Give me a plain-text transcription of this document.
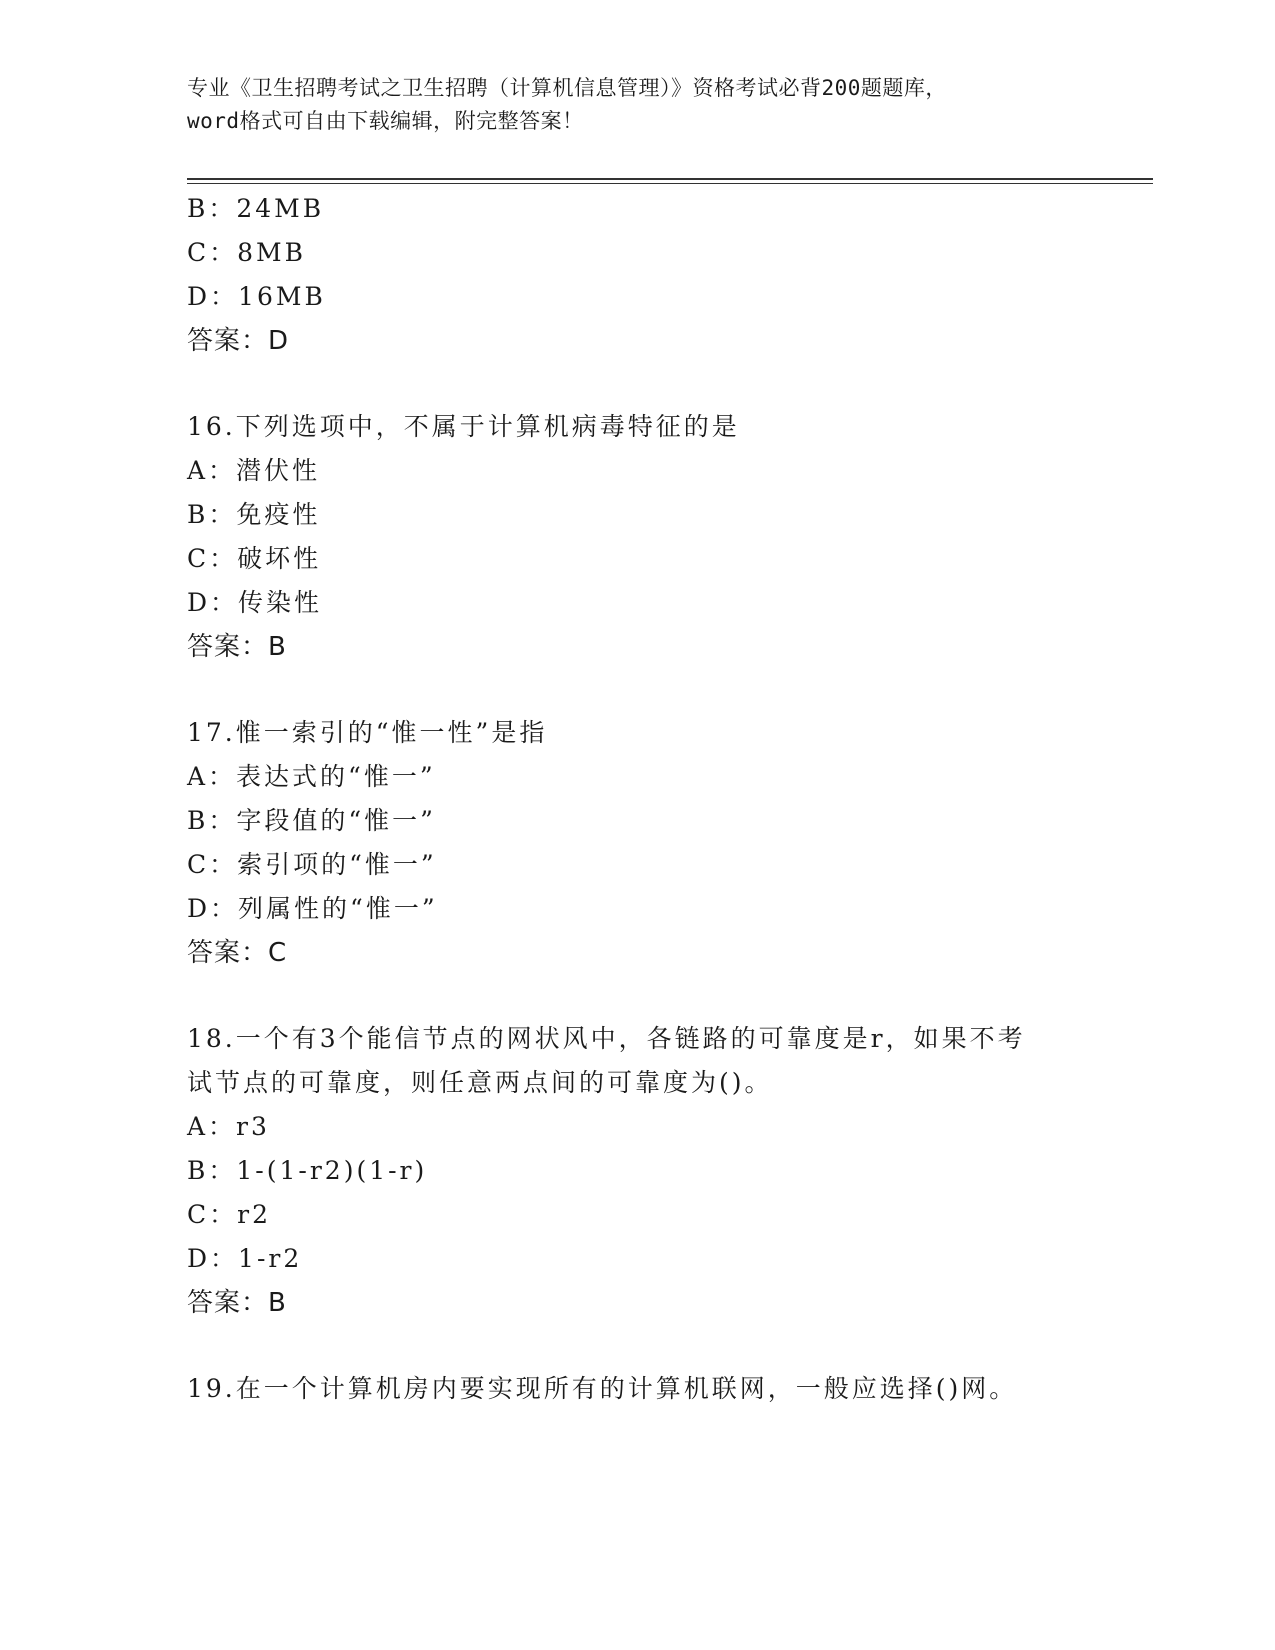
专业《卫生招聘考试之卫生招聘（计算机信息管理）》资格考试必背200题题库，
word格式可自由下载编辑，附完整答案！
B：24MB
C：8MB
D：16MB
答案：D
16.下列选项中，不属于计算机病毒特征的是
A：潜伏性
B：免疫性
C：破坏性
D：传染性
答案：B
17.惟一索引的“惟一性”是指
A：表达式的“惟一”
B：字段值的“惟一”
C：索引项的“惟一”
D：列属性的“惟一”
答案：C
18.一个有3个能信节点的网状风中，各链路的可靠度是r，如果不考
试节点的可靠度，则任意两点间的可靠度为()。
A：r3
B：1-(1-r2)(1-r)
C：r2
D：1-r2
答案：B
19.在一个计算机房内要实现所有的计算机联网，一般应选择()网。
